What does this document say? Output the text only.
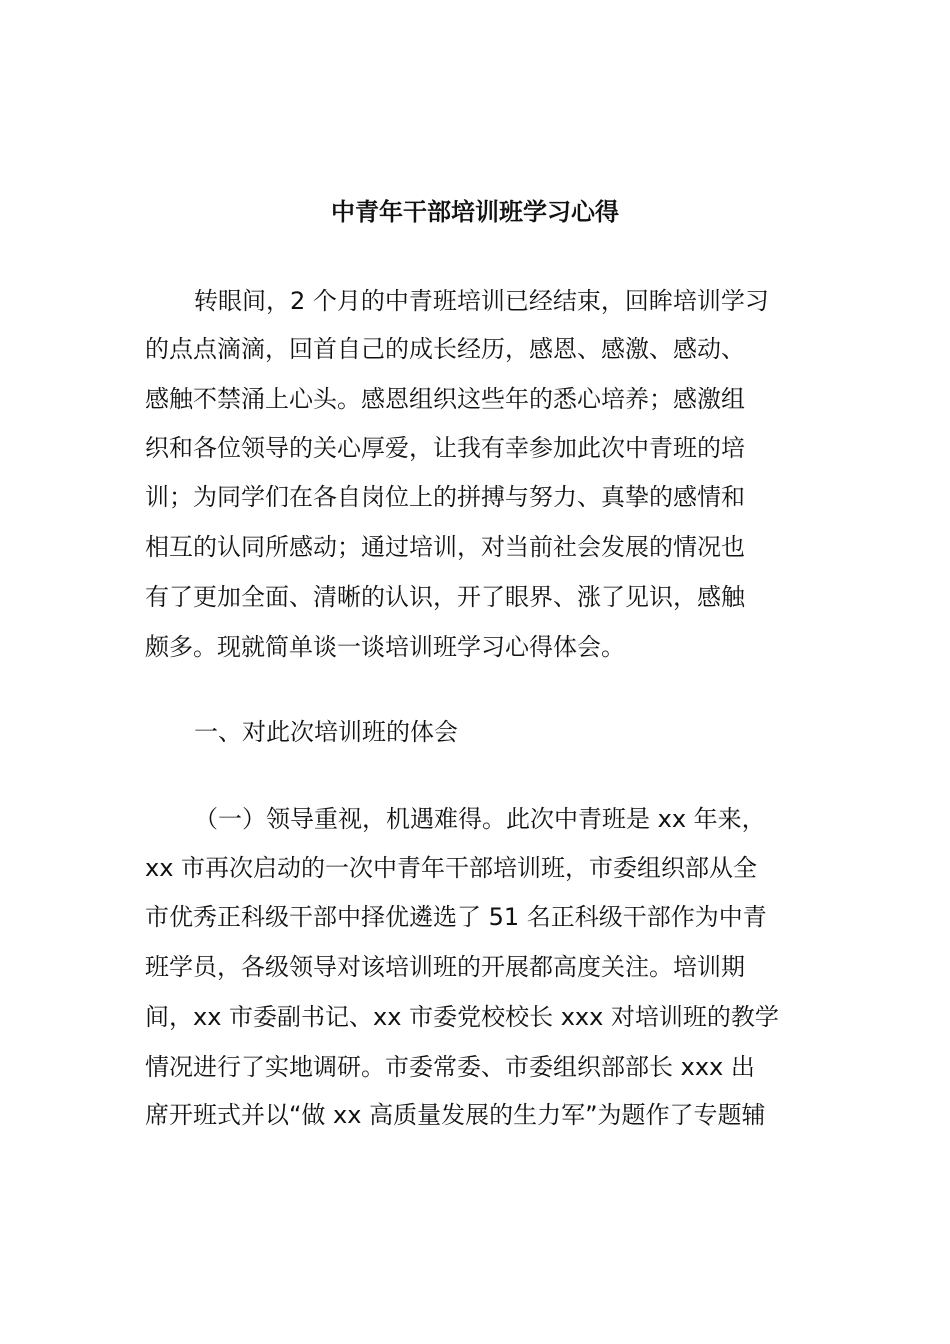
中青年干部培训班学习心得
转眼间，2 个月的中青班培训已经结束，回眸培训学习
的点点滴滴，回首自己的成长经历，感恩、感激、感动、
感触不禁涌上心头。感恩组织这些年的悉心培养；感激组
织和各位领导的关心厚爱，让我有幸参加此次中青班的培
训；为同学们在各自岗位上的拼搏与努力、真挚的感情和
相互的认同所感动；通过培训，对当前社会发展的情况也
有了更加全面、清晰的认识，开了眼界、涨了见识，感触
颇多。现就简单谈一谈培训班学习心得体会。
一、对此次培训班的体会
（一）领导重视，机遇难得。此次中青班是 xx 年来，
xx 市再次启动的一次中青年干部培训班，市委组织部从全
市优秀正科级干部中择优遴选了 51 名正科级干部作为中青
班学员，各级领导对该培训班的开展都高度关注。培训期
间，xx 市委副书记、xx 市委党校校长 xxx 对培训班的教学
情况进行了实地调研。市委常委、市委组织部部长 xxx 出
席开班式并以“做 xx 高质量发展的生力军”为题作了专题辅
